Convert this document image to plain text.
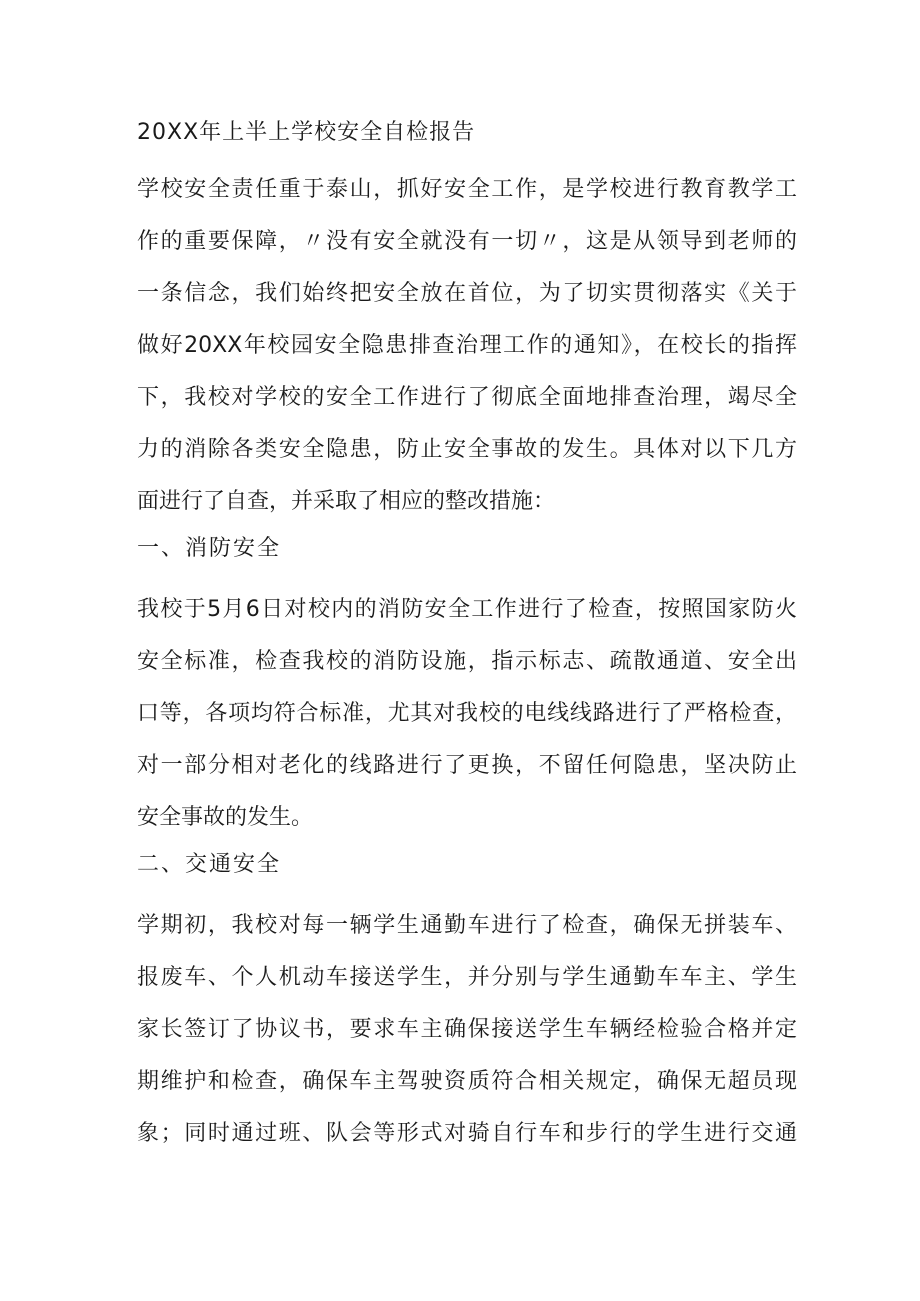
20XX年上半上学校安全自检报告
学校安全责任重于泰山，抓好安全工作，是学校进行教育教学工
作的重要保障，〃没有安全就没有一切〃，这是从领导到老师的
一条信念，我们始终把安全放在首位，为了切实贯彻落实《关于
做好20XX年校园安全隐患排查治理工作的通知》，在校长的指挥
下，我校对学校的安全工作进行了彻底全面地排查治理，竭尽全
力的消除各类安全隐患，防止安全事故的发生。具体对以下几方
面进行了自查，并采取了相应的整改措施：
一、消防安全
我校于5月6日对校内的消防安全工作进行了检查，按照国家防火
安全标准，检查我校的消防设施，指示标志、疏散通道、安全出
口等，各项均符合标准，尤其对我校的电线线路进行了严格检查，
对一部分相对老化的线路进行了更换，不留任何隐患，坚决防止
安全事故的发生。
二、交通安全
学期初，我校对每一辆学生通勤车进行了检查，确保无拼装车、
报废车、个人机动车接送学生，并分别与学生通勤车车主、学生
家长签订了协议书，要求车主确保接送学生车辆经检验合格并定
期维护和检查，确保车主驾驶资质符合相关规定，确保无超员现
象；同时通过班、队会等形式对骑自行车和步行的学生进行交通
